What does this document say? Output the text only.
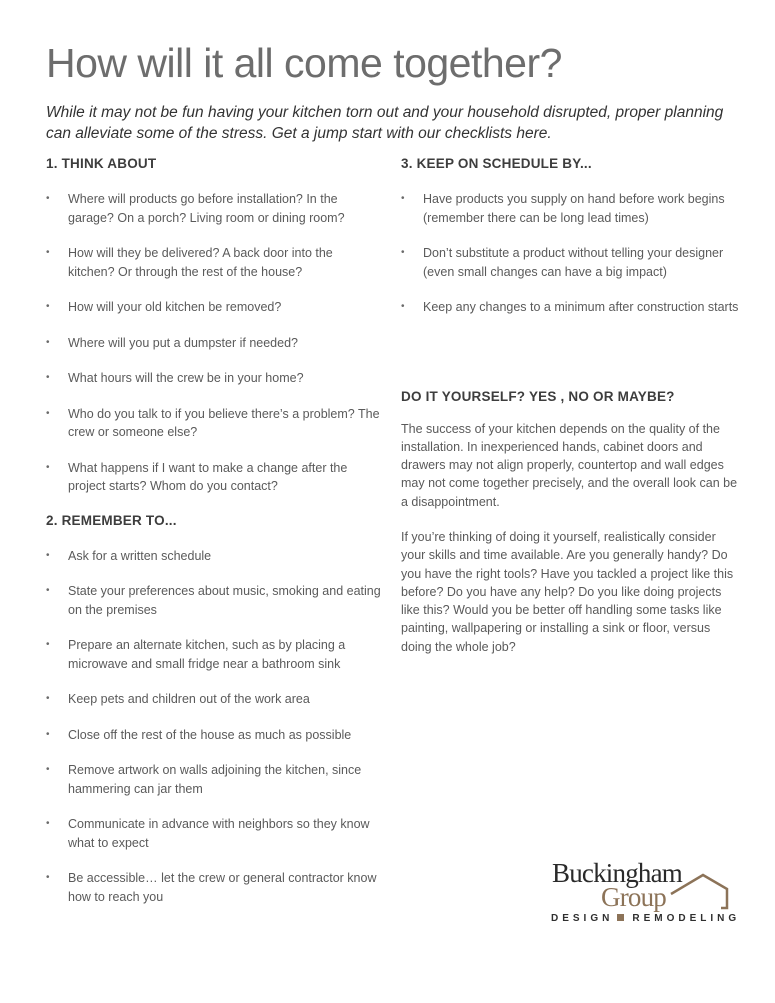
How will it all come together?

While it may not be fun having your kitchen torn out and your household disrupted, proper planning can alleviate some of the stress. Get a jump start with our checklists here.

1. THINK ABOUT
• Where will products go before installation? In the garage? On a porch? Living room or dining room?
• How will they be delivered? A back door into the kitchen? Or through the rest of the house?
• How will your old kitchen be removed?
• Where will you put a dumpster if needed?
• What hours will the crew be in your home?
• Who do you talk to if you believe there’s a problem? The crew or someone else?
• What happens if I want to make a change after the project starts? Whom do you contact?
2. REMEMBER TO...
• Ask for a written schedule
• State your preferences about music, smoking and eating on the premises
• Prepare an alternate kitchen, such as by placing a microwave and small fridge near a bathroom sink
• Keep pets and children out of the work area
• Close off the rest of the house as much as possible
• Remove artwork on walls adjoining the kitchen, since hammering can jar them
• Communicate in advance with neighbors so they know what to expect
• Be accessible… let the crew or general contractor know how to reach you
3. KEEP ON SCHEDULE BY...
• Have products you supply on hand before work begins (remember there can be long lead times)
• Don’t substitute a product without telling your designer (even small changes can have a big impact)
• Keep any changes to a minimum after construction starts
DO IT YOURSELF? YES , NO OR MAYBE?

The success of your kitchen depends on the quality of the installation. In inexperienced hands, cabinet doors and drawers may not align properly, countertop and wall edges may not come together precisely, and the overall look can be a disappointment.

If you’re thinking of doing it yourself, realistically consider your skills and time available. Are you generally handy? Do you have the right tools? Have you tackled a project like this before? Do you have any help? Do you like doing projects like this? Would you be better off handling some tasks like painting, wallpapering or installing a sink or floor, versus doing the whole job?

Buckingham
Group
DESIGN REMODELING
